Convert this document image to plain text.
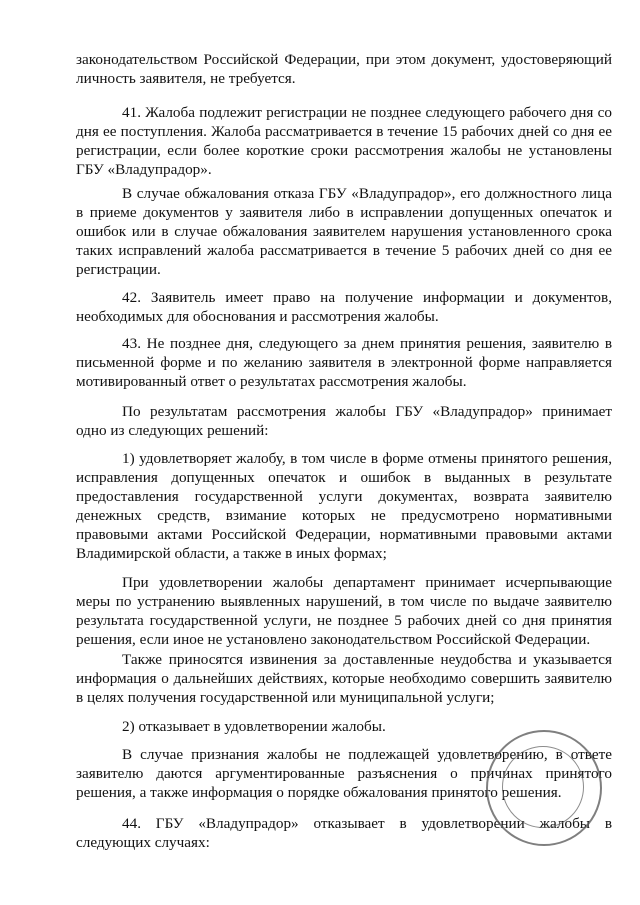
законодательством Российской Федерации, при этом документ, удостоверяющий личность заявителя, не требуется.

41. Жалоба подлежит регистрации не позднее следующего рабочего дня со дня ее поступления. Жалоба рассматривается в течение 15 рабочих дней со дня ее регистрации, если более короткие сроки рассмотрения жалобы не установлены ГБУ «Владупрадор».

В случае обжалования отказа ГБУ «Владупрадор», его должностного лица в приеме документов у заявителя либо в исправлении допущенных опечаток и ошибок или в случае обжалования заявителем нарушения установленного срока таких исправлений жалоба рассматривается в течение 5 рабочих дней со дня ее регистрации.

42. Заявитель имеет право на получение информации и документов, необходимых для обоснования и рассмотрения жалобы.

43. Не позднее дня, следующего за днем принятия решения, заявителю в письменной форме и по желанию заявителя в электронной форме направляется мотивированный ответ о результатах рассмотрения жалобы.

По результатам рассмотрения жалобы ГБУ «Владупрадор» принимает одно из следующих решений:

1) удовлетворяет жалобу, в том числе в форме отмены принятого решения, исправления допущенных опечаток и ошибок в выданных в результате предоставления государственной услуги документах, возврата заявителю денежных средств, взимание которых не предусмотрено нормативными правовыми актами Российской Федерации, нормативными правовыми актами Владимирской области, а также в иных формах;

При удовлетворении жалобы департамент принимает исчерпывающие меры по устранению выявленных нарушений, в том числе по выдаче заявителю результата государственной услуги, не позднее 5 рабочих дней со дня принятия решения, если иное не установлено законодательством Российской Федерации.

Также приносятся извинения за доставленные неудобства и указывается информация о дальнейших действиях, которые необходимо совершить заявителю в целях получения государственной или муниципальной услуги;

2) отказывает в удовлетворении жалобы.

В случае признания жалобы не подлежащей удовлетворению, в ответе заявителю даются аргументированные разъяснения о причинах принятого решения, а также информация о порядке обжалования принятого решения.

44. ГБУ «Владупрадор» отказывает в удовлетворении жалобы в следующих случаях:
